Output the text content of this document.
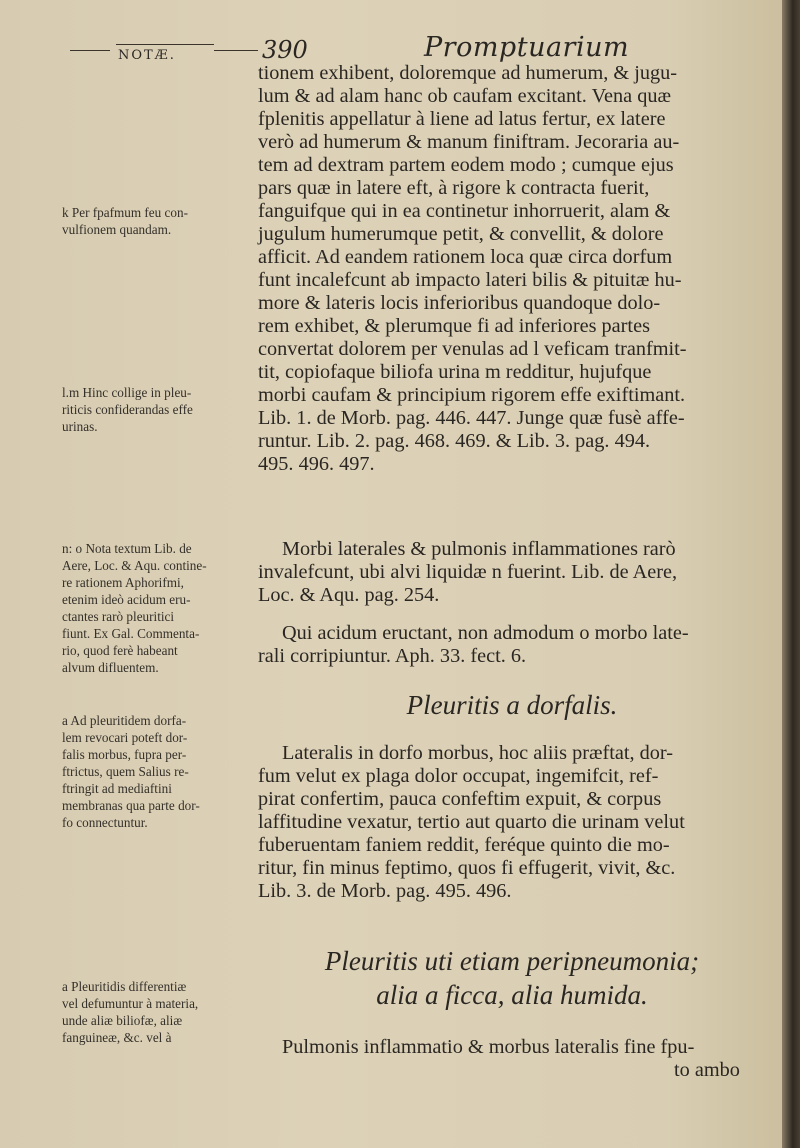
NOTÆ.	390	Promptuarium
tionem exhibent, doloremque ad humerum, & jugu-
lum & ad alam hanc ob caufam excitant. Vena quæ
fplenitis appellatur à liene ad latus fertur, ex latere
verò ad humerum & manum finiftram. Jecoraria au-
tem ad dextram partem eodem modo ; cumque ejus
pars quæ in latere eft, à rigore k contracta fuerit,
fanguifque qui in ea continetur inhorruerit, alam &
jugulum humerumque petit, & convellit, & dolore
afficit. Ad eandem rationem loca quæ circa dorfum
funt incalefcunt ab impacto lateri bilis & pituitæ hu-
more & lateris locis inferioribus quandoque dolo-
rem exhibet, & plerumque fi ad inferiores partes
convertat dolorem per venulas ad l veficam tranfmit-
tit, copiofaque biliofa urina m redditur, hujufque
morbi caufam & principium rigorem effe exiftimant.
Lib. 1. de Morb. pag. 446. 447. Junge quæ fusè affe-
runtur. Lib. 2. pag. 468. 469. & Lib. 3. pag. 494.
495. 496. 497.
Morbi laterales & pulmonis inflammationes rarò
invalefcunt, ubi alvi liquidæ n fuerint. Lib. de Aere,
Loc. & Aqu. pag. 254.
Qui acidum eructant, non admodum o morbo late-
rali corripiuntur. Aph. 33. fect. 6.
Pleuritis a dorfalis.
Lateralis in dorfo morbus, hoc aliis præftat, dor-
fum velut ex plaga dolor occupat, ingemifcit, ref-
pirat confertim, pauca confeftim expuit, & corpus
laffitudine vexatur, tertio aut quarto die urinam velut
fuberuentam faniem reddit, feréque quinto die mo-
ritur, fin minus feptimo, quos fi effugerit, vivit, &c.
Lib. 3. de Morb. pag. 495. 496.
Pleuritis uti etiam peripneumonia;
alia a ficca, alia humida.
Pulmonis inflammatio & morbus lateralis fine fpu-
to ambo
k Per fpafmum feu con-
vulfionem quandam.
l.m Hinc collige in pleu-
riticis confiderandas effe
urinas.
n: o Nota textum Lib. de
Aere, Loc. & Aqu. contine-
re rationem Aphorifmi,
etenim ideò acidum eru-
ctantes rarò pleuritici
fiunt. Ex Gal. Commenta-
rio, quod ferè habeant
alvum difluentem.
a Ad pleuritidem dorfa-
lem revocari poteft dor-
falis morbus, fupra per-
ftrictus, quem Salius re-
ftringit ad mediaftini
membranas qua parte dor-
fo connectuntur.
a Pleuritidis differentiæ
vel defumuntur à materia,
unde aliæ biliofæ, aliæ
fanguineæ, &c. vel à
